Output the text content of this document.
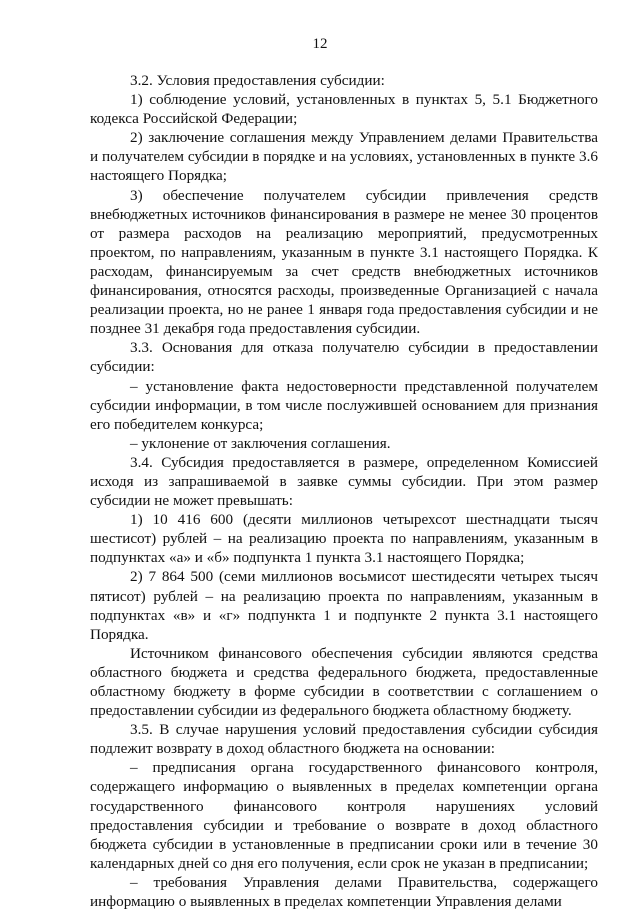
12

3.2. Условия предоставления субсидии:

1) соблюдение условий, установленных в пунктах 5, 5.1 Бюджетного кодекса Российской Федерации;

2) заключение соглашения между Управлением делами Правительства и получателем субсидии в порядке и на условиях, установленных в пункте 3.6 настоящего Порядка;

3) обеспечение получателем субсидии привлечения средств внебюджетных источников финансирования в размере не менее 30 процентов от размера расходов на реализацию мероприятий, предусмотренных проектом, по направлениям, указанным в пункте 3.1 настоящего Порядка. К расходам, финансируемым за счет средств внебюджетных источников финансирования, относятся расходы, произведенные Организацией с начала реализации проекта, но не ранее 1 января года предоставления субсидии и не позднее 31 декабря года предоставления субсидии.

3.3. Основания для отказа получателю субсидии в предоставлении субсидии:

– установление факта недостоверности представленной получателем субсидии информации, в том числе послужившей основанием для признания его победителем конкурса;

– уклонение от заключения соглашения.

3.4. Субсидия предоставляется в размере, определенном Комиссией исходя из запрашиваемой в заявке суммы субсидии. При этом размер субсидии не может превышать:

1) 10 416 600 (десяти миллионов четырехсот шестнадцати тысяч шестисот) рублей – на реализацию проекта по направлениям, указанным в подпунктах «а» и «б» подпункта 1 пункта 3.1 настоящего Порядка;

2) 7 864 500 (семи миллионов восьмисот шестидесяти четырех тысяч пятисот) рублей – на реализацию проекта по направлениям, указанным в подпунктах «в» и «г» подпункта 1 и подпункте 2 пункта 3.1 настоящего Порядка.

Источником финансового обеспечения субсидии являются средства областного бюджета и средства федерального бюджета, предоставленные областному бюджету в форме субсидии в соответствии с соглашением о предоставлении субсидии из федерального бюджета областному бюджету.

3.5. В случае нарушения условий предоставления субсидии субсидия подлежит возврату в доход областного бюджета на основании:

– предписания органа государственного финансового контроля, содержащего информацию о выявленных в пределах компетенции органа государственного финансового контроля нарушениях условий предоставления субсидии и требование о возврате в доход областного бюджета субсидии в установленные в предписании сроки или в течение 30 календарных дней со дня его получения, если срок не указан в предписании;

– требования Управления делами Правительства, содержащего информацию о выявленных в пределах компетенции Управления делами
